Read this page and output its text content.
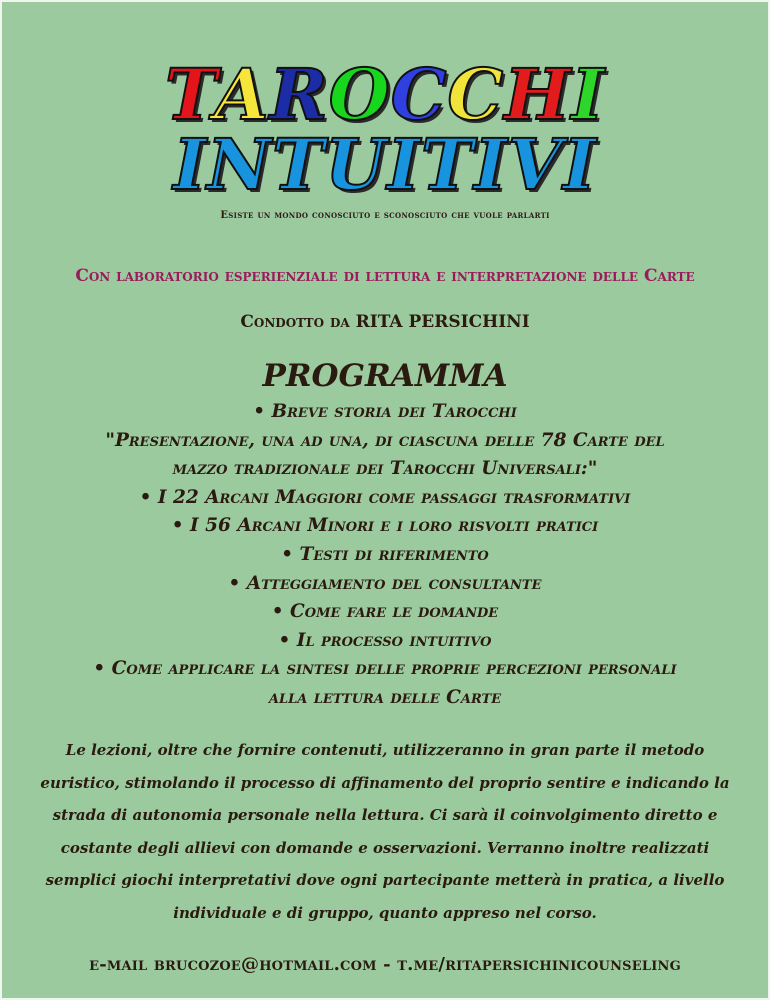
TAROCCHI
INTUITIVI
Esiste un mondo conosciuto e sconosciuto che vuole parlarti
Con laboratorio esperienziale di lettura e interpretazione delle Carte
Condotto da RITA PERSICHINI
PROGRAMMA
• Breve storia dei Tarocchi
"Presentazione, una ad una, di ciascuna delle 78 Carte del
mazzo tradizionale dei Tarocchi Universali:"
• I 22 Arcani Maggiori come passaggi trasformativi
• I 56 Arcani Minori e i loro risvolti pratici
• Testi di riferimento
• Atteggiamento del consultante
• Come fare le domande
• Il processo intuitivo
• Come applicare la sintesi delle proprie percezioni personali
alla lettura delle Carte
Le lezioni, oltre che fornire contenuti, utilizzeranno in gran parte il metodo
euristico, stimolando il processo di affinamento del proprio sentire e indicando la
strada di autonomia personale nella lettura. Ci sarà il coinvolgimento diretto e
costante degli allievi con domande e osservazioni. Verranno inoltre realizzati
semplici giochi interpretativi dove ogni partecipante metterà in pratica, a livello
individuale e di gruppo, quanto appreso nel corso.
e-mail brucozoe@hotmail.com - t.me/ritapersichinicounseling
